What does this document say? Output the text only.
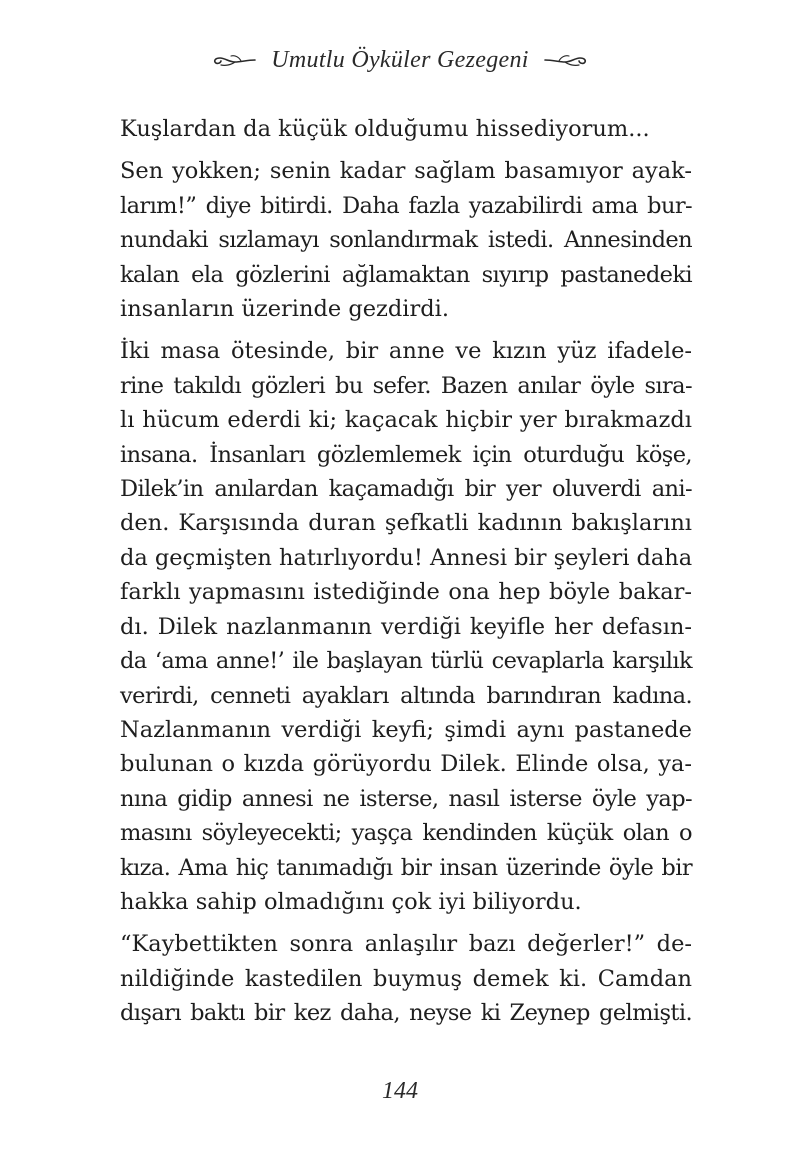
Umutlu Öyküler Gezegeni

Kuşlardan da küçük olduğumu hissediyorum...

Sen yokken; senin kadar sağlam basamıyor ayak-
larım!” diye bitirdi. Daha fazla yazabilirdi ama bur-
nundaki sızlamayı sonlandırmak istedi. Annesinden
kalan ela gözlerini ağlamaktan sıyırıp pastanedeki
insanların üzerinde gezdirdi.

İki masa ötesinde, bir anne ve kızın yüz ifadele-
rine takıldı gözleri bu sefer. Bazen anılar öyle sıra-
lı hücum ederdi ki; kaçacak hiçbir yer bırakmazdı
insana. İnsanları gözlemlemek için oturduğu köşe,
Dilek’in anılardan kaçamadığı bir yer oluverdi ani-
den. Karşısında duran şefkatli kadının bakışlarını
da geçmişten hatırlıyordu! Annesi bir şeyleri daha
farklı yapmasını istediğinde ona hep böyle bakar-
dı. Dilek nazlanmanın verdiği keyifle her defasın-
da ‘ama anne!’ ile başlayan türlü cevaplarla karşılık
verirdi, cenneti ayakları altında barındıran kadına.
Nazlanmanın verdiği keyfi; şimdi aynı pastanede
bulunan o kızda görüyordu Dilek. Elinde olsa, ya-
nına gidip annesi ne isterse, nasıl isterse öyle yap-
masını söyleyecekti; yaşça kendinden küçük olan o
kıza. Ama hiç tanımadığı bir insan üzerinde öyle bir
hakka sahip olmadığını çok iyi biliyordu.

“Kaybettikten sonra anlaşılır bazı değerler!” de-
nildiğinde kastedilen buymuş demek ki. Camdan
dışarı baktı bir kez daha, neyse ki Zeynep gelmişti.

144
